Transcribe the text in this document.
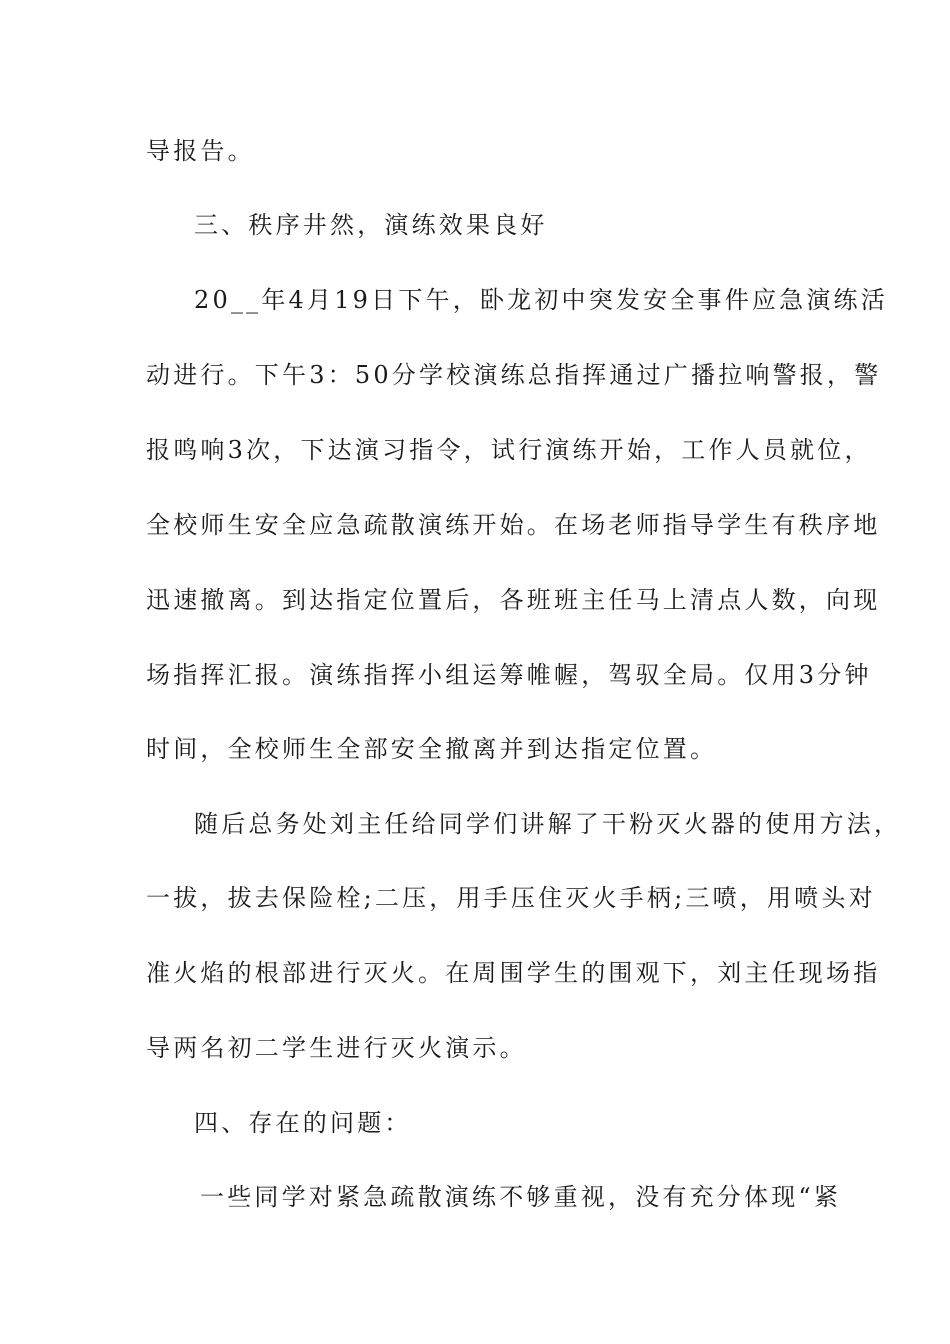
导报告。
三、秩序井然，演练效果良好
20__年4月19日下午，卧龙初中突发安全事件应急演练活
动进行。下午3：50分学校演练总指挥通过广播拉响警报，警
报鸣响3次，下达演习指令，试行演练开始，工作人员就位，
全校师生安全应急疏散演练开始。在场老师指导学生有秩序地
迅速撤离。到达指定位置后，各班班主任马上清点人数，向现
场指挥汇报。演练指挥小组运筹帷幄，驾驭全局。仅用3分钟
时间，全校师生全部安全撤离并到达指定位置。
随后总务处刘主任给同学们讲解了干粉灭火器的使用方法，
一拔，拔去保险栓;二压，用手压住灭火手柄;三喷，用喷头对
准火焰的根部进行灭火。在周围学生的围观下，刘主任现场指
导两名初二学生进行灭火演示。
四、存在的问题：
一些同学对紧急疏散演练不够重视，没有充分体现“紧
